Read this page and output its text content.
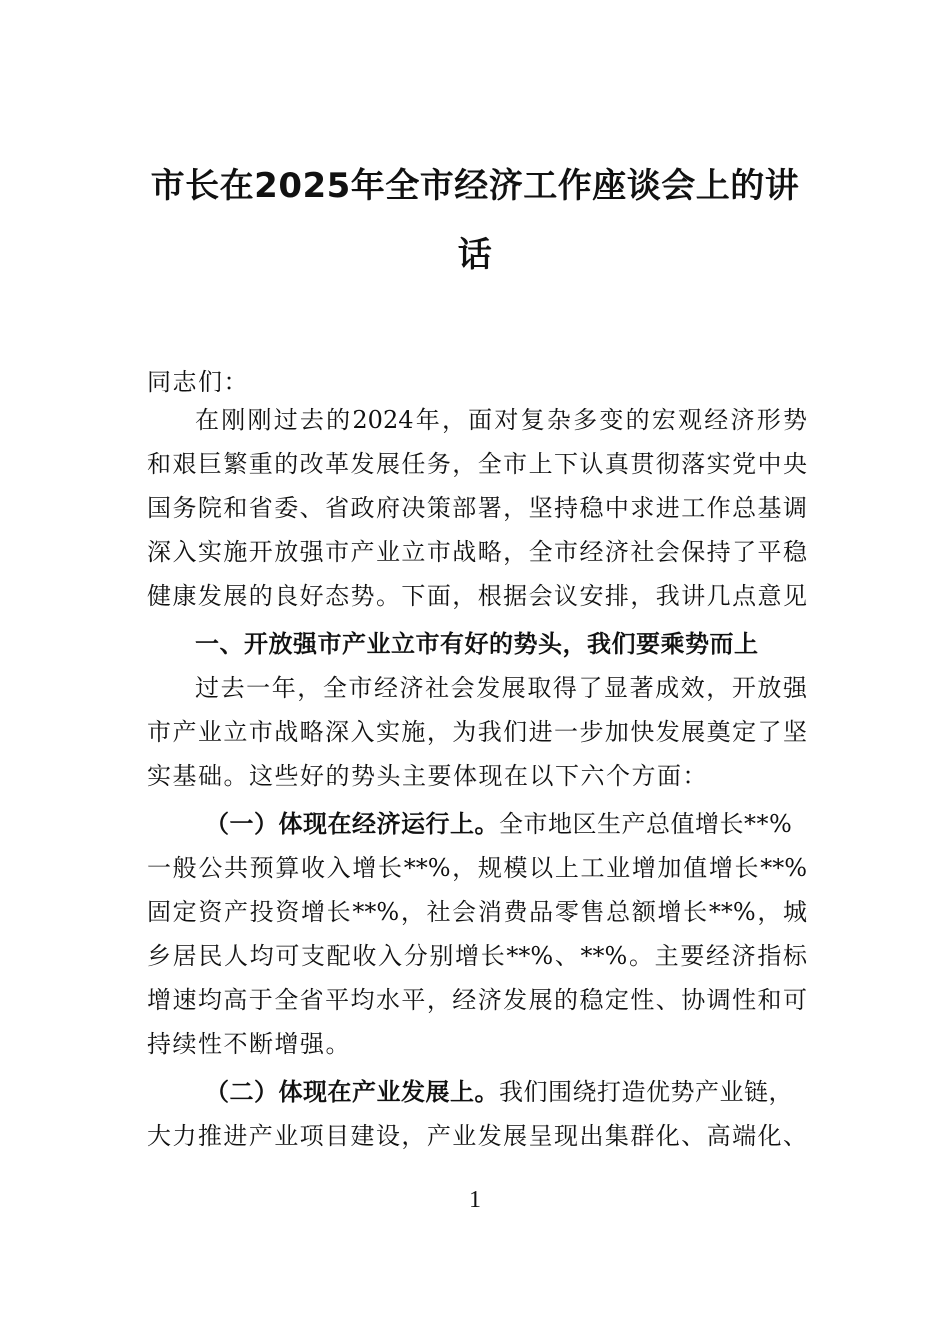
市长在2025年全市经济工作座谈会上的讲
话
同志们：
在刚刚过去的2024年，面对复杂多变的宏观经济形势
和艰巨繁重的改革发展任务，全市上下认真贯彻落实党中央
国务院和省委、省政府决策部署，坚持稳中求进工作总基调
深入实施开放强市产业立市战略，全市经济社会保持了平稳
健康发展的良好态势。下面，根据会议安排，我讲几点意见
一、开放强市产业立市有好的势头，我们要乘势而上
过去一年，全市经济社会发展取得了显著成效，开放强
市产业立市战略深入实施，为我们进一步加快发展奠定了坚
实基础。这些好的势头主要体现在以下六个方面：
（一）体现在经济运行上。全市地区生产总值增长**%
一般公共预算收入增长**%，规模以上工业增加值增长**%
固定资产投资增长**%，社会消费品零售总额增长**%，城
乡居民人均可支配收入分别增长**%、**%。主要经济指标
增速均高于全省平均水平，经济发展的稳定性、协调性和可
持续性不断增强。
（二）体现在产业发展上。我们围绕打造优势产业链，
大力推进产业项目建设，产业发展呈现出集群化、高端化、
1
